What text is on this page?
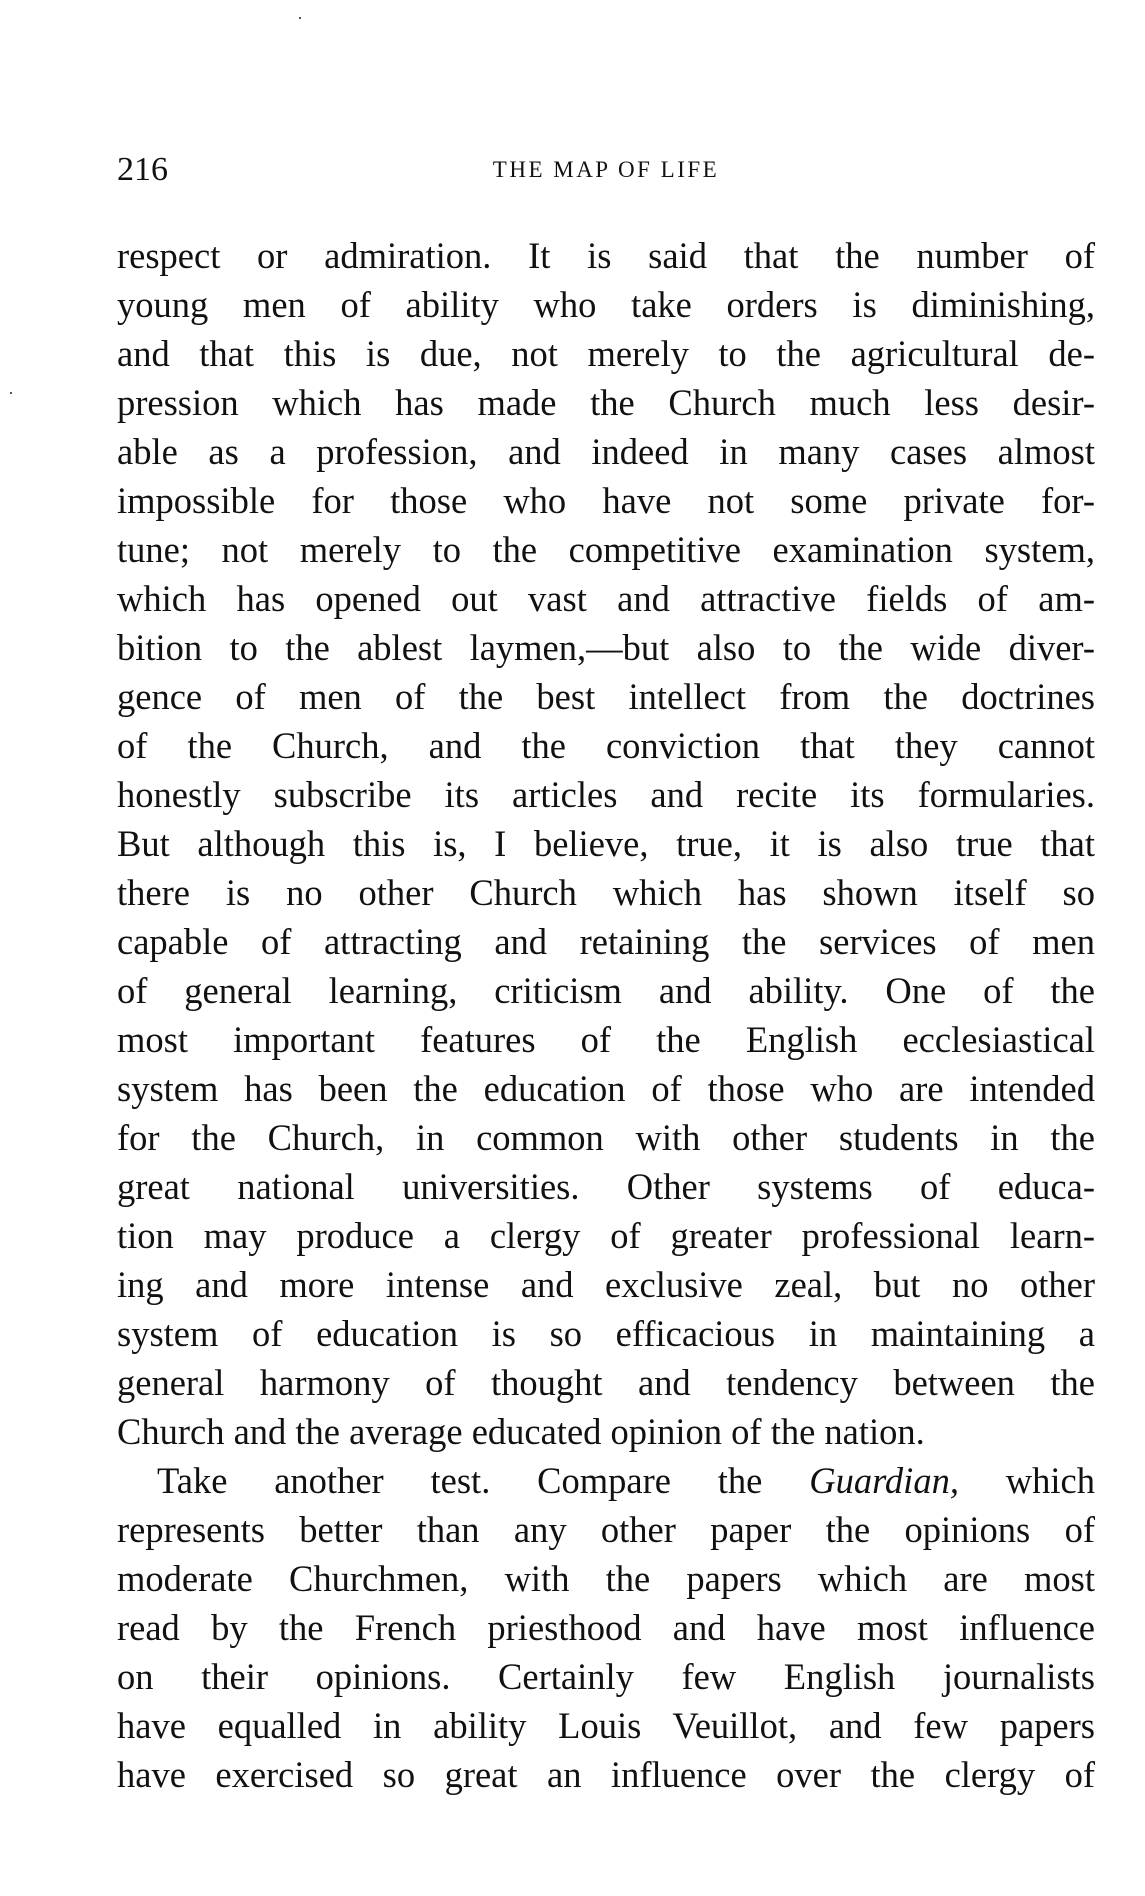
216	THE MAP OF LIFE
respect or admiration. It is said that the number of
young men of ability who take orders is diminishing,
and that this is due, not merely to the agricultural de-
pression which has made the Church much less desir-
able as a profession, and indeed in many cases almost
impossible for those who have not some private for-
tune; not merely to the competitive examination system,
which has opened out vast and attractive fields of am-
bition to the ablest laymen,—but also to the wide diver-
gence of men of the best intellect from the doctrines
of the Church, and the conviction that they cannot
honestly subscribe its articles and recite its formularies.
But although this is, I believe, true, it is also true that
there is no other Church which has shown itself so
capable of attracting and retaining the services of men
of general learning, criticism and ability. One of the
most important features of the English ecclesiastical
system has been the education of those who are intended
for the Church, in common with other students in the
great national universities. Other systems of educa-
tion may produce a clergy of greater professional learn-
ing and more intense and exclusive zeal, but no other
system of education is so efficacious in maintaining a
general harmony of thought and tendency between the
Church and the average educated opinion of the nation.
Take another test. Compare the Guardian, which
represents better than any other paper the opinions of
moderate Churchmen, with the papers which are most
read by the French priesthood and have most influence
on their opinions. Certainly few English journalists
have equalled in ability Louis Veuillot, and few papers
have exercised so great an influence over the clergy of
